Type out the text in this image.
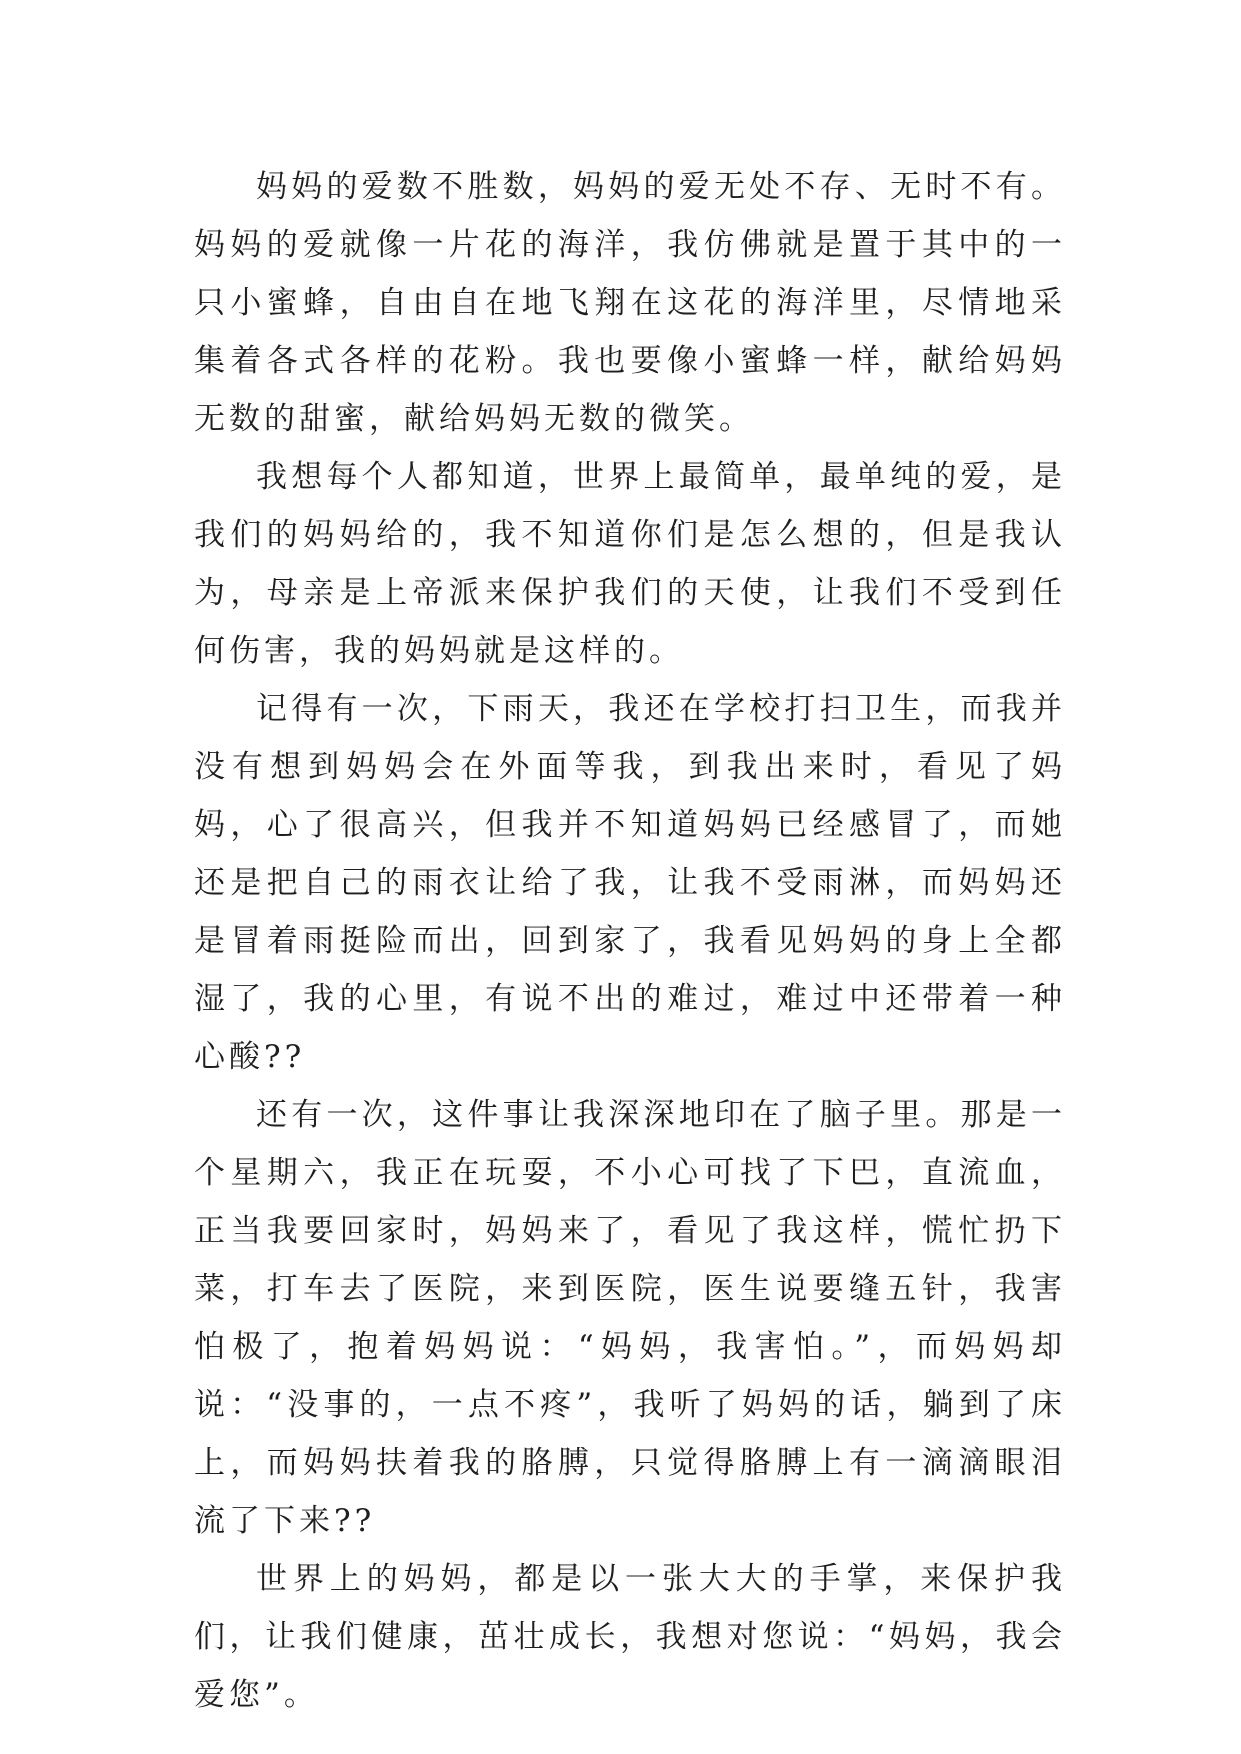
妈妈的爱数不胜数，妈妈的爱无处不存、无时不有。妈妈的爱就像一片花的海洋，我仿佛就是置于其中的一只小蜜蜂，自由自在地飞翔在这花的海洋里，尽情地采集着各式各样的花粉。我也要像小蜜蜂一样，献给妈妈无数的甜蜜，献给妈妈无数的微笑。

我想每个人都知道，世界上最简单，最单纯的爱，是我们的妈妈给的，我不知道你们是怎么想的，但是我认为，母亲是上帝派来保护我们的天使，让我们不受到任何伤害，我的妈妈就是这样的。

记得有一次，下雨天，我还在学校打扫卫生，而我并没有想到妈妈会在外面等我，到我出来时，看见了妈妈，心了很高兴，但我并不知道妈妈已经感冒了，而她还是把自己的雨衣让给了我，让我不受雨淋，而妈妈还是冒着雨挺险而出，回到家了，我看见妈妈的身上全都湿了，我的心里，有说不出的难过，难过中还带着一种心酸??

还有一次，这件事让我深深地印在了脑子里。那是一个星期六，我正在玩耍，不小心可找了下巴，直流血，正当我要回家时，妈妈来了，看见了我这样，慌忙扔下菜，打车去了医院，来到医院，医生说要缝五针，我害怕极了，抱着妈妈说：“妈妈，我害怕。”，而妈妈却说：“没事的，一点不疼”，我听了妈妈的话，躺到了床上，而妈妈扶着我的胳膊，只觉得胳膊上有一滴滴眼泪流了下来??

世界上的妈妈，都是以一张大大的手掌，来保护我们，让我们健康，茁壮成长，我想对您说：“妈妈，我会爱您”。
